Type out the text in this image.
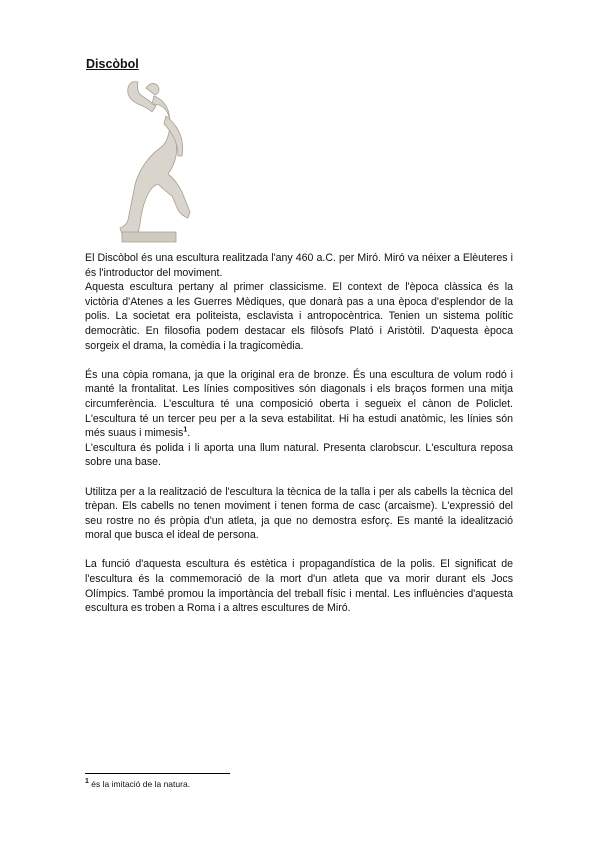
Discòbol

El Discòbol és una escultura realitzada l'any 460 a.C. per Miró. Miró va néixer a Elèuteres i és l'introductor del moviment.

Aquesta escultura pertany al primer classicisme. El context de l'època clàssica és la victòria d'Atenes a les Guerres Mèdiques, que donarà pas a una època d'esplendor de la polis. La societat era politeista, esclavista i antropocèntrica. Tenien un sistema polític democràtic. En filosofia podem destacar els filòsofs Plató i Aristòtil. D'aquesta època sorgeix el drama, la comèdia i la tragicomèdia.

És una còpia romana, ja que la original era de bronze. És una escultura de volum rodó i manté la frontalitat. Les línies compositives són diagonals i els braços formen una mitja circumferència. L'escultura té una composició oberta i segueix el cànon de Policlet. L'escultura té un tercer peu per a la seva estabilitat. Hi ha estudi anatòmic, les línies són més suaus i mimesis$^1$.

L'escultura és polida i li aporta una llum natural. Presenta clarobscur. L'escultura reposa sobre una base.

Utilitza per a la realització de l'escultura la tècnica de la talla i per als cabells la tècnica del trèpan. Els cabells no tenen moviment i tenen forma de casc (arcaisme). L'expressió del seu rostre no és pròpia d'un atleta, ja que no demostra esforç. Es manté la idealització moral que busca el ideal de persona.

La funció d'aquesta escultura és estètica i propagandística de la polis. El significat de l'escultura és la commemoració de la mort d'un atleta que va morir durant els Jocs Olímpics. També promou la importància del treball físic i mental. Les influències d'aquesta escultura es troben a Roma i a altres escultures de Miró.

$^1$ és la imitació de la natura.
